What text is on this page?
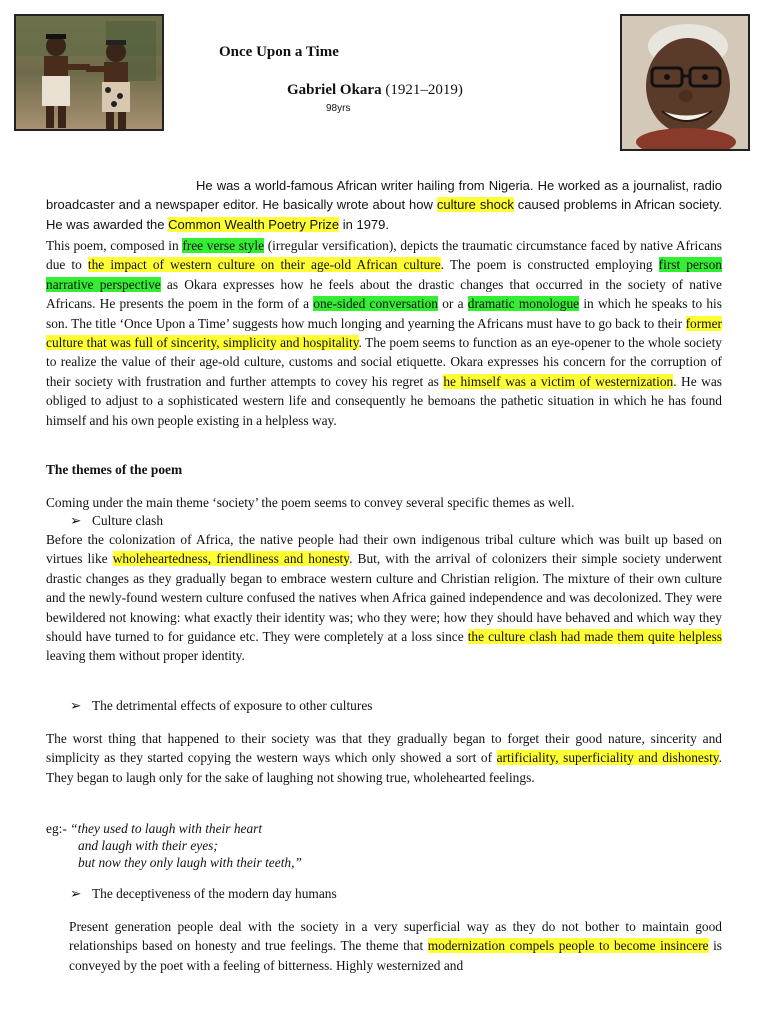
Once Upon a Time
Gabriel Okara (1921–2019)
98yrs

He was a world-famous African writer hailing from Nigeria. He worked as a journalist, radio broadcaster and a newspaper editor. He basically wrote about how culture shock caused problems in African society. He was awarded the Common Wealth Poetry Prize in 1979.

This poem, composed in free verse style (irregular versification), depicts the traumatic circumstance faced by native Africans due to the impact of western culture on their age-old African culture. The poem is constructed employing first person narrative perspective as Okara expresses how he feels about the drastic changes that occurred in the society of native Africans. He presents the poem in the form of a one-sided conversation or a dramatic monologue in which he speaks to his son. The title ‘Once Upon a Time’ suggests how much longing and yearning the Africans must have to go back to their former culture that was full of sincerity, simplicity and hospitality. The poem seems to function as an eye-opener to the whole society to realize the value of their age-old culture, customs and social etiquette. Okara expresses his concern for the corruption of their society with frustration and further attempts to covey his regret as he himself was a victim of westernization. He was obliged to adjust to a sophisticated western life and consequently he bemoans the pathetic situation in which he has found himself and his own people existing in a helpless way.

The themes of the poem

Coming under the main theme ‘society’ the poem seems to convey several specific themes as well.

➢ Culture clash

Before the colonization of Africa, the native people had their own indigenous tribal culture which was built up based on virtues like wholeheartedness, friendliness and honesty. But, with the arrival of colonizers their simple society underwent drastic changes as they gradually began to embrace western culture and Christian religion. The mixture of their own culture and the newly-found western culture confused the natives when Africa gained independence and was decolonized. They were bewildered not knowing: what exactly their identity was; who they were; how they should have behaved and which way they should have turned to for guidance etc. They were completely at a loss since the culture clash had made them quite helpless leaving them without proper identity.

➢ The detrimental effects of exposure to other cultures

The worst thing that happened to their society was that they gradually began to forget their good nature, sincerity and simplicity as they started copying the western ways which only showed a sort of artificiality, superficiality and dishonesty. They began to laugh only for the sake of laughing not showing true, wholehearted feelings.

eg:- “they used to laugh with their heart
and laugh with their eyes;
but now they only laugh with their teeth,”
➢ The deceptiveness of the modern day humans

Present generation people deal with the society in a very superficial way as they do not bother to maintain good relationships based on honesty and true feelings. The theme that modernization compels people to become insincere is conveyed by the poet with a feeling of bitterness. Highly westernized and
